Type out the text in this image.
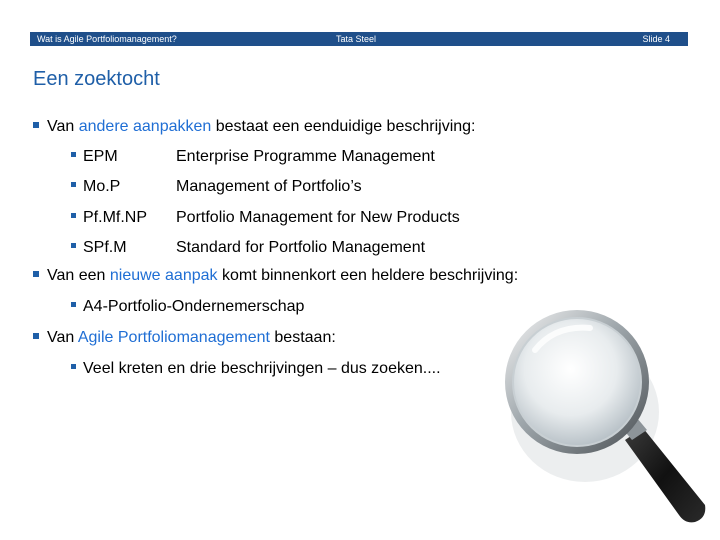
Wat is Agile Portfoliomanagement?	Tata Steel	Slide 4
Een zoektocht
Van andere aanpakken bestaat een eenduidige beschrijving:
EPM	Enterprise Programme Management
Mo.P	Management of Portfolio’s
Pf.Mf.NP Portfolio Management for New Products
SPf.M	Standard for Portfolio Management
Van een nieuwe aanpak komt binnenkort een heldere beschrijving:
A4-Portfolio-Ondernemerschap
Van Agile Portfoliomanagement bestaan:
Veel kreten en drie beschrijvingen – dus zoeken....
